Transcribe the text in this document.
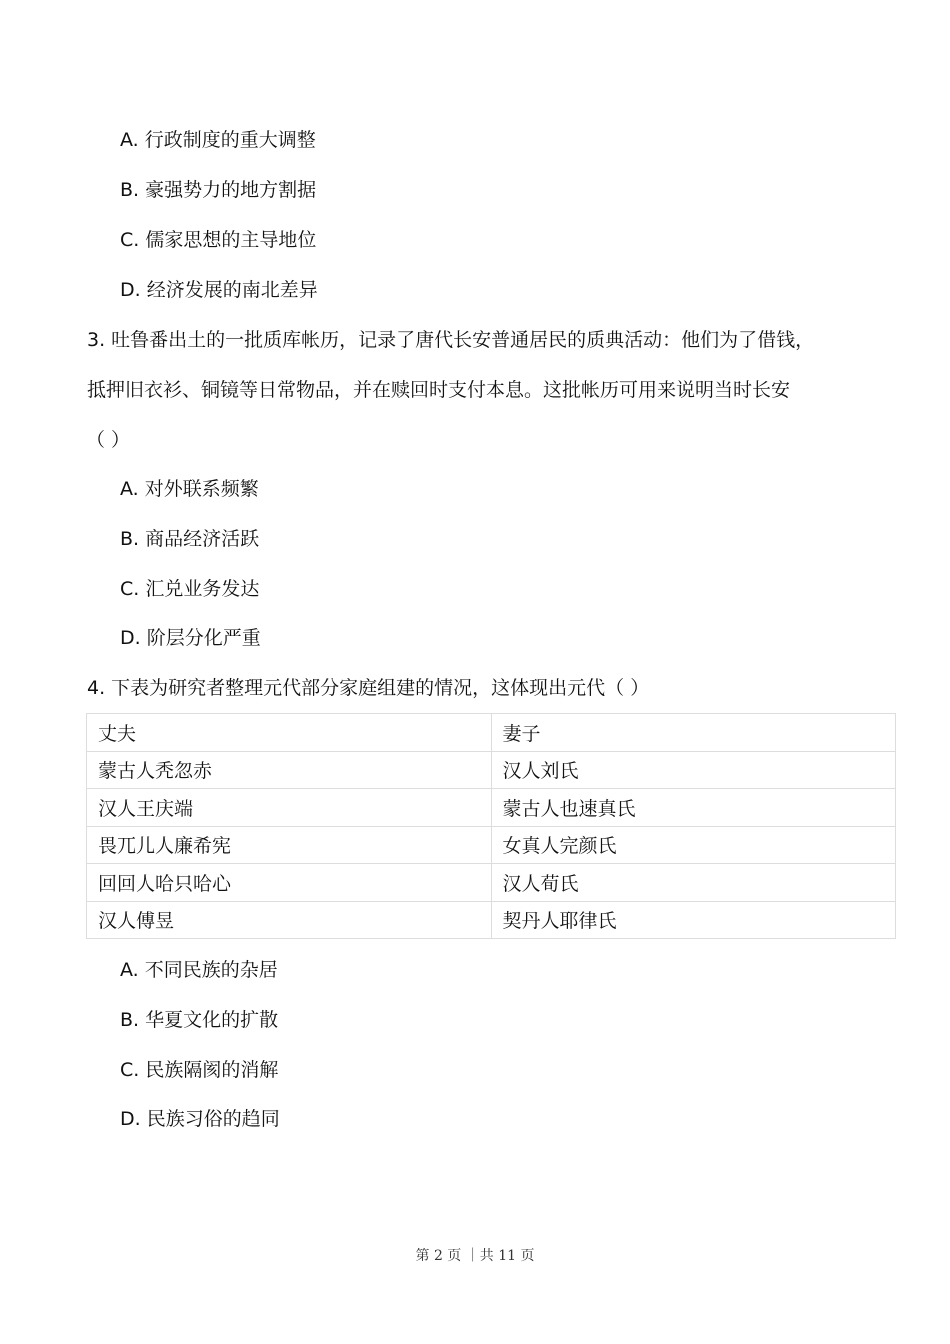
A. 行政制度的重大调整
B. 豪强势力的地方割据
C. 儒家思想的主导地位
D. 经济发展的南北差异
3. 吐鲁番出土的一批质库帐历，记录了唐代长安普通居民的质典活动：他们为了借钱，
抵押旧衣衫、铜镜等日常物品，并在赎回时支付本息。这批帐历可用来说明当时长安
（ ）
A. 对外联系频繁
B. 商品经济活跃
C. 汇兑业务发达
D. 阶层分化严重
4. 下表为研究者整理元代部分家庭组建的情况，这体现出元代（ ）
丈夫	妻子
蒙古人秃忽赤	汉人刘氏
汉人王庆端	蒙古人也速真氏
畏兀儿人廉希宪	女真人完颜氏
回回人哈只哈心	汉人荀氏
汉人傅昱	契丹人耶律氏
A. 不同民族的杂居
B. 华夏文化的扩散
C. 民族隔阂的消解
D. 民族习俗的趋同
第 2 页 ｜共 11 页
